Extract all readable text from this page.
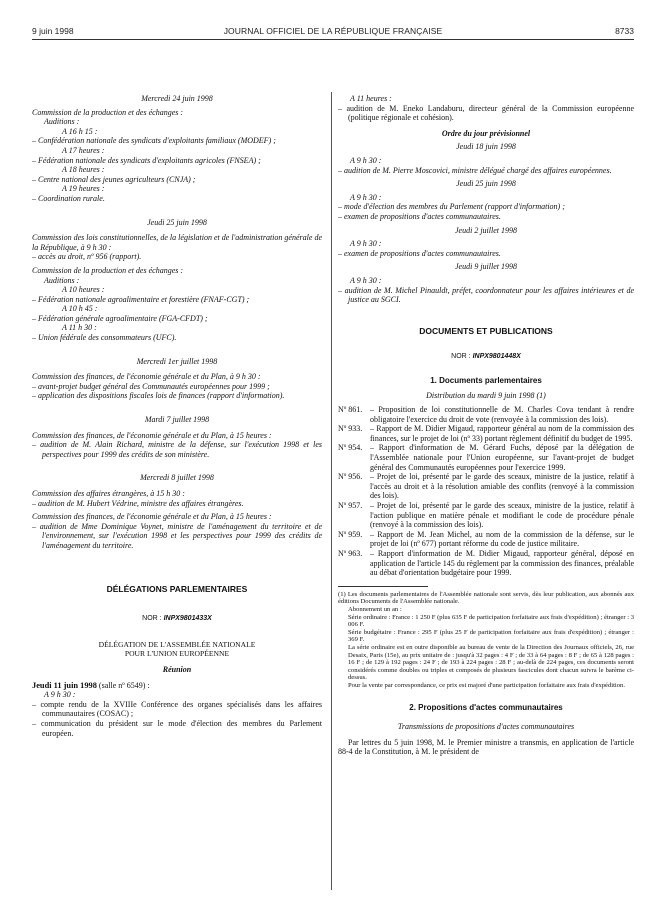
9 juin 1998	JOURNAL OFFICIEL DE LA RÉPUBLIQUE FRANÇAISE	8733

Mercredi 24 juin 1998

Commission de la production et des échanges :

Auditions :

A 16 h 15 :

– Confédération nationale des syndicats d'exploitants familiaux (MODEF) ;

A 17 heures :

– Fédération nationale des syndicats d'exploitants agricoles (FNSEA) ;

A 18 heures :

– Centre national des jeunes agriculteurs (CNJA) ;

A 19 heures :

– Coordination rurale.

Jeudi 25 juin 1998

Commission des lois constitutionnelles, de la législation et de l'administration générale de la République, à 9 h 30 :

– accès au droit, nº 956 (rapport).

Commission de la production et des échanges :

Auditions :

A 10 heures :

– Fédération nationale agroalimentaire et forestière (FNAF-CGT) ;

A 10 h 45 :

– Fédération générale agroalimentaire (FGA-CFDT) ;

A 11 h 30 :

– Union fédérale des consommateurs (UFC).

Mercredi 1er juillet 1998

Commission des finances, de l'économie générale et du Plan, à 9 h 30 :

– avant-projet budget général des Communautés européennes pour 1999 ;

– application des dispositions fiscales lois de finances (rapport d'information).

Mardi 7 juillet 1998

Commission des finances, de l'économie générale et du Plan, à 15 heures :

– audition de M. Alain Richard, ministre de la défense, sur l'exécution 1998 et les perspectives pour 1999 des crédits de son ministère.

Mercredi 8 juillet 1998

Commission des affaires étrangères, à 15 h 30 :

– audition de M. Hubert Védrine, ministre des affaires étrangères.

Commission des finances, de l'économie générale et du Plan, à 15 heures :

– audition de Mme Dominique Voynet, ministre de l'aménagement du territoire et de l'environnement, sur l'exécution 1998 et les perspectives pour 1999 des crédits de l'aménagement du territoire.

DÉLÉGATIONS PARLEMENTAIRES

NOR : INPX9801433X

DÉLÉGATION DE L'ASSEMBLÉE NATIONALE

POUR L'UNION EUROPÉENNE

Réunion

Jeudi 11 juin 1998 (salle nº 6549) :

A 9 h 30 :

– compte rendu de la XVIIIe Conférence des organes spécialisés dans les affaires communautaires (COSAC) ;

– communication du président sur le mode d'élection des membres du Parlement européen.

A 11 heures :

– audition de M. Eneko Landaburu, directeur général de la Commission européenne (politique régionale et cohésion).

Ordre du jour prévisionnel

Jeudi 18 juin 1998

A 9 h 30 :

– audition de M. Pierre Moscovici, ministre délégué chargé des affaires européennes.

Jeudi 25 juin 1998

A 9 h 30 :

– mode d'élection des membres du Parlement (rapport d'information) ;

– examen de propositions d'actes communautaires.

Jeudi 2 juillet 1998

A 9 h 30 :

– examen de propositions d'actes communautaires.

Jeudi 9 juillet 1998

A 9 h 30 :

– audition de M. Michel Pinauldt, préfet, coordonnateur pour les affaires intérieures et de justice au SGCI.

DOCUMENTS ET PUBLICATIONS

NOR : INPX9801448X

1. Documents parlementaires

Distribution du mardi 9 juin 1998 (1)

Nº 861. – Proposition de loi constitutionnelle de M. Charles Cova tendant à rendre obligatoire l'exercice du droit de vote (renvoyée à la commission des lois).
Nº 933. – Rapport de M. Didier Migaud, rapporteur général au nom de la commission des finances, sur le projet de loi (nº 33) portant règlement définitif du budget de 1995.
Nº 954. – Rapport d'information de M. Gérard Fuchs, déposé par la délégation de l'Assemblée nationale pour l'Union européenne, sur l'avant-projet de budget général des Communautés européennes pour l'exercice 1999.
Nº 956. – Projet de loi, présenté par le garde des sceaux, ministre de la justice, relatif à l'accès au droit et à la résolution amiable des conflits (renvoyé à la commission des lois).
Nº 957. – Projet de loi, présenté par le garde des sceaux, ministre de la justice, relatif à l'action publique en matière pénale et modifiant le code de procédure pénale (renvoyé à la commission des lois).
Nº 959. – Rapport de M. Jean Michel, au nom de la commission de la défense, sur le projet de loi (nº 677) portant réforme du code de justice militaire.
Nº 963. – Rapport d'information de M. Didier Migaud, rapporteur général, déposé en application de l'article 145 du règlement par la commission des finances, préalable au débat d'orientation budgétaire pour 1999.

(1) Les documents parlementaires de l'Assemblée nationale sont servis, dès leur publication, aux abonnés aux éditions Documents de l'Assemblée nationale.

Abonnement un an :

Série ordinaire : France : 1 250 F (plus 635 F de participation forfaitaire aux frais d'expédition) ; étranger : 3 006 F.

Série budgétaire : France : 295 F (plus 25 F de participation forfaitaire aux frais d'expédition) ; étranger : 369 F.

La série ordinaire est en outre disponible au bureau de vente de la Direction des Journaux officiels, 26, rue Desaix, Paris (15e), au prix unitaire de : jusqu'à 32 pages : 4 F ; de 33 à 64 pages : 8 F ; de 65 à 128 pages : 16 F ; de 129 à 192 pages : 24 F ; de 193 à 224 pages : 28 F ; au-delà de 224 pages, ces documents seront considérés comme doubles ou triples et composés de plusieurs fascicules dont chacun suivra le barème ci-dessus.

Pour la vente par correspondance, ce prix est majoré d'une participation forfaitaire aux frais d'expédition.

2. Propositions d'actes communautaires

Transmissions de propositions d'actes communautaires

Par lettres du 5 juin 1998, M. le Premier ministre a transmis, en application de l'article 88-4 de la Constitution, à M. le président de
